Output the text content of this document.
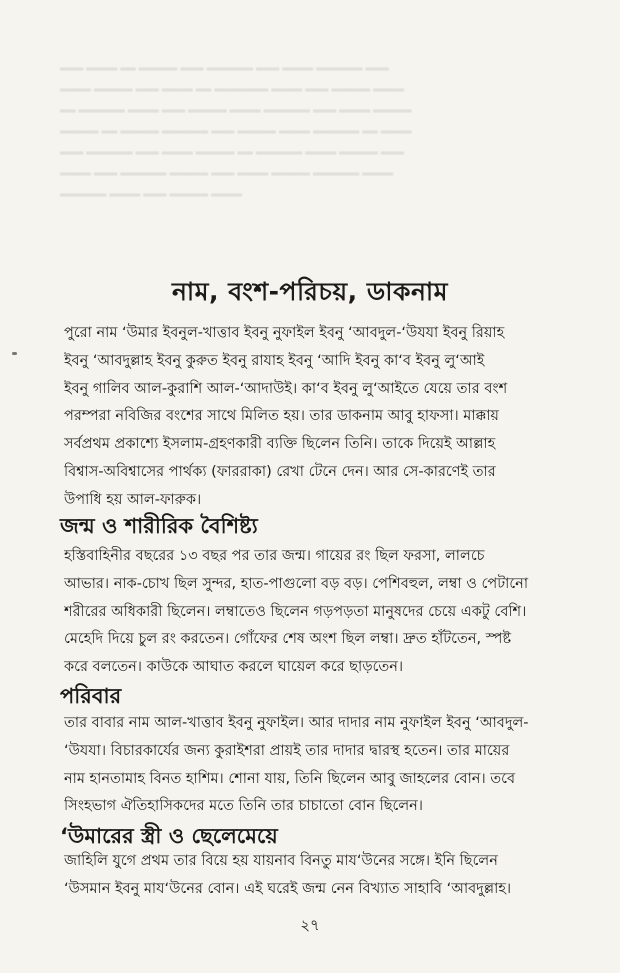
▂▂▂ ▂▂▂▂ ▂▂ ▂▂▂▂▂ ▂▂▂ ▂▂▂▂▂▂ ▂▂▂ ▂▂▂▂ ▂▂▂▂▂▂ ▂▂▂
▂▂▂▂ ▂▂▂▂▂ ▂▂▂ ▂▂▂▂ ▂▂ ▂▂▂▂▂▂▂ ▂▂▂▂ ▂▂▂ ▂▂▂▂▂ ▂▂▂▂
▂▂ ▂▂▂▂▂▂ ▂▂▂▂ ▂▂▂ ▂▂▂▂▂ ▂▂▂▂ ▂▂▂▂▂▂ ▂▂▂ ▂▂▂▂ ▂▂▂▂▂
▂▂▂▂▂ ▂▂ ▂▂▂▂▂ ▂▂▂▂▂▂ ▂▂▂ ▂▂▂▂▂ ▂▂▂▂ ▂▂▂▂▂▂ ▂▂ ▂▂▂▂
▂▂▂ ▂▂▂▂▂▂ ▂▂▂ ▂▂▂▂ ▂▂▂▂▂ ▂▂ ▂▂▂▂▂▂ ▂▂▂▂ ▂▂▂▂▂ ▂▂▂
▂▂▂▂ ▂▂▂ ▂▂▂▂▂▂ ▂▂▂▂▂ ▂▂▂ ▂▂▂▂ ▂▂▂▂▂ ▂▂▂▂▂▂ ▂▂▂▂
▂▂▂▂▂▂ ▂▂▂▂ ▂▂▂ ▂▂▂▂▂ ▂▂▂▂
নাম, বংশ-পরিচয়, ডাকনাম
পুরো নাম ‘উমার ইবনুল-খাত্তাব ইবনু নুফাইল ইবনু ‘আবদুল-‘উযযা ইবনু রিয়াহ
ইবনু ‘আবদুল্লাহ ইবনু কুরুত ইবনু রাযাহ ইবনু ‘আদি ইবনু কা‘ব ইবনু লু‘আই
ইবনু গালিব আল-কুরাশি আল-‘আদাউই। কা‘ব ইবনু লু‘আইতে যেয়ে তার বংশ
পরম্পরা নবিজির বংশের সাথে মিলিত হয়। তার ডাকনাম আবু হাফসা। মাক্কায়
সর্বপ্রথম প্রকাশ্যে ইসলাম-গ্রহণকারী ব্যক্তি ছিলেন তিনি। তাকে দিয়েই আল্লাহ
বিশ্বাস-অবিশ্বাসের পার্থক্য (ফাররাকা) রেখা টেনে দেন। আর সে-কারণেই তার
উপাধি হয় আল-ফারুক।
জন্ম ও শারীরিক বৈশিষ্ট্য
হস্তিবাহিনীর বছরের ১৩ বছর পর তার জন্ম। গায়ের রং ছিল ফরসা, লালচে
আভার। নাক-চোখ ছিল সুন্দর, হাত-পাগুলো বড় বড়। পেশিবহুল, লম্বা ও পেটানো
শরীরের অধিকারী ছিলেন। লম্বাতেও ছিলেন গড়পড়তা মানুষদের চেয়ে একটু বেশি।
মেহেদি দিয়ে চুল রং করতেন। গোঁফের শেষ অংশ ছিল লম্বা। দ্রুত হাঁটতেন, স্পষ্ট
করে বলতেন। কাউকে আঘাত করলে ঘায়েল করে ছাড়তেন।
পরিবার
তার বাবার নাম আল-খাত্তাব ইবনু নুফাইল। আর দাদার নাম নুফাইল ইবনু ‘আবদুল-
‘উযযা। বিচারকার্যের জন্য কুরাইশরা প্রায়ই তার দাদার দ্বারস্থ হতেন। তার মায়ের
নাম হানতামাহ বিনত হাশিম। শোনা যায়, তিনি ছিলেন আবু জাহলের বোন। তবে
সিংহভাগ ঐতিহাসিকদের মতে তিনি তার চাচাতো বোন ছিলেন।
‘উমারের স্ত্রী ও ছেলেমেয়ে
জাহিলি যুগে প্রথম তার বিয়ে হয় যায়নাব বিনতু মায‘উনের সঙ্গে। ইনি ছিলেন
‘উসমান ইবনু মায‘উনের বোন। এই ঘরেই জন্ম নেন বিখ্যাত সাহাবি ‘আবদুল্লাহ।
২৭
